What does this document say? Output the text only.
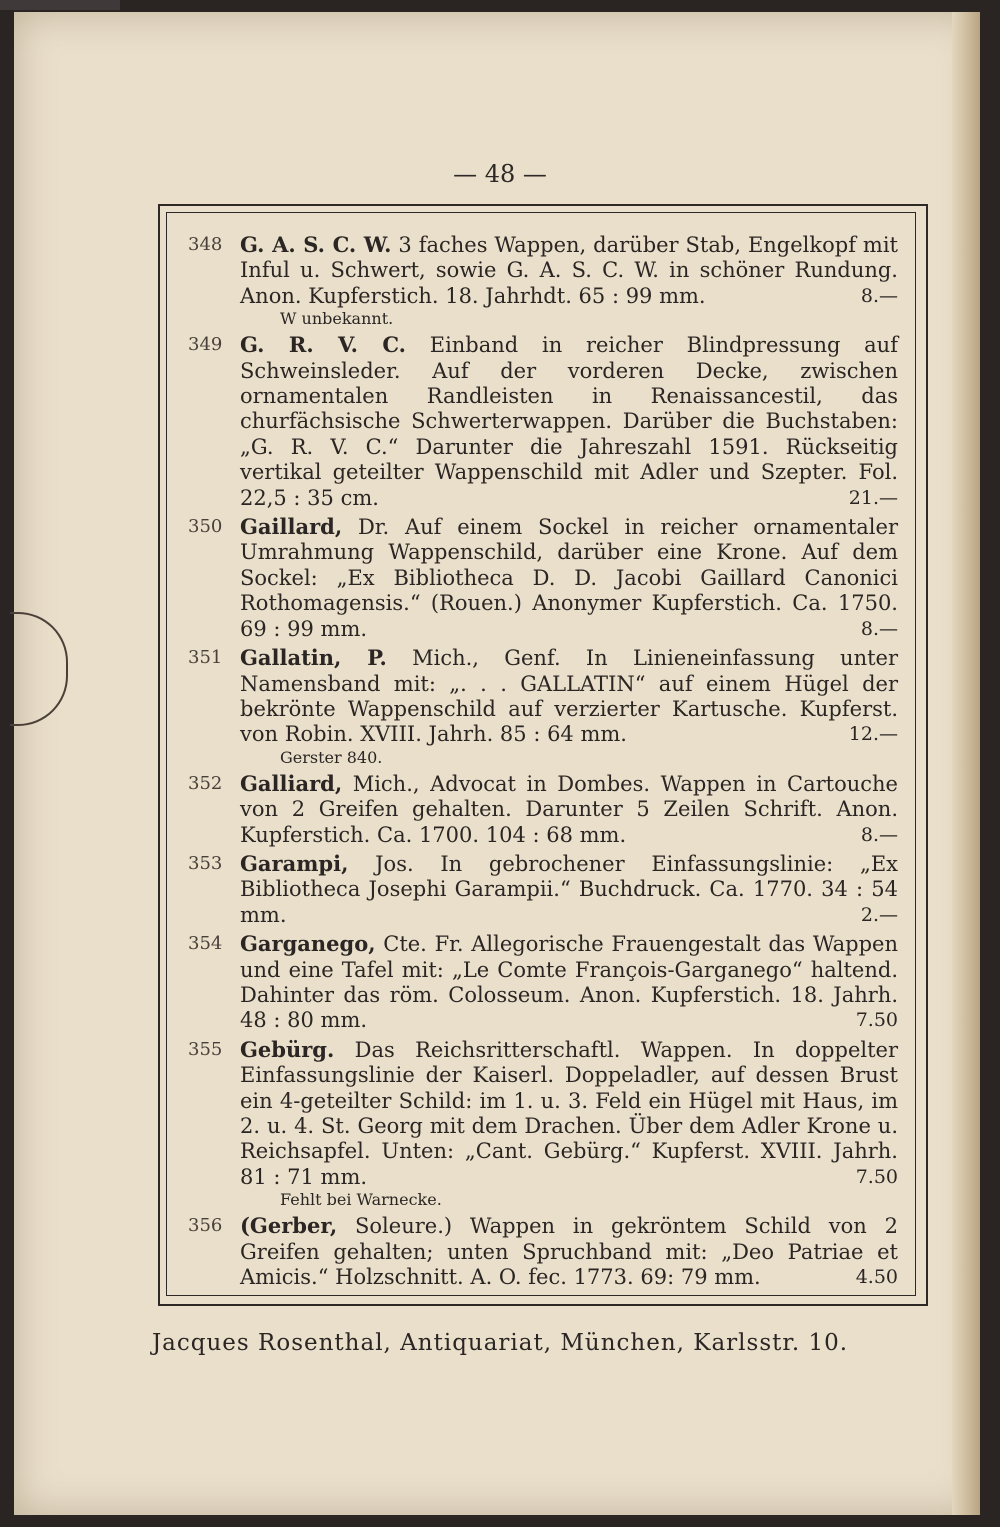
— 48 —
348 G. A. S. C. W. 3 faches Wappen, darüber Stab, Engelkopf mit Inful u. Schwert, sowie G. A. S. C. W. in schöner Rundung. Anon. Kupferstich. 18. Jahrhdt. 65 : 99 mm.	8.—
W unbekannt.
349 G. R. V. C. Einband in reicher Blindpressung auf Schweinsleder. Auf der vorderen Decke, zwischen ornamentalen Randleisten in Renaissancestil, das churfächsische Schwerterwappen. Darüber die Buchstaben: „G. R. V. C.“ Darunter die Jahreszahl 1591. Rückseitig vertikal geteilter Wappenschild mit Adler und Szepter. Fol. 22,5 : 35 cm.	21.—
350 Gaillard, Dr. Auf einem Sockel in reicher ornamentaler Umrahmung Wappenschild, darüber eine Krone. Auf dem Sockel: „Ex Bibliotheca D. D. Jacobi Gaillard Canonici Rothomagensis.“ (Rouen.) Anonymer Kupferstich. Ca. 1750. 69 : 99 mm.	8.—
351 Gallatin, P. Mich., Genf. In Linieneinfassung unter Namensband mit: „. . . GALLATIN“ auf einem Hügel der bekrönte Wappenschild auf verzierter Kartusche. Kupferst. von Robin. XVIII. Jahrh. 85 : 64 mm.	12.—
Gerster 840.
352 Galliard, Mich., Advocat in Dombes. Wappen in Cartouche von 2 Greifen gehalten. Darunter 5 Zeilen Schrift. Anon. Kupferstich. Ca. 1700. 104 : 68 mm.	8.—
353 Garampi, Jos. In gebrochener Einfassungslinie: „Ex Bibliotheca Josephi Garampii.“ Buchdruck. Ca. 1770. 34 : 54 mm.	2.—
354 Garganego, Cte. Fr. Allegorische Frauengestalt das Wappen und eine Tafel mit: „Le Comte François-Garganego“ haltend. Dahinter das röm. Colosseum. Anon. Kupferstich. 18. Jahrh. 48 : 80 mm.	7.50
355 Gebürg. Das Reichsritterschaftl. Wappen. In doppelter Einfassungslinie der Kaiserl. Doppeladler, auf dessen Brust ein 4-geteilter Schild: im 1. u. 3. Feld ein Hügel mit Haus, im 2. u. 4. St. Georg mit dem Drachen. Über dem Adler Krone u. Reichsapfel. Unten: „Cant. Gebürg.“ Kupferst. XVIII. Jahrh. 81 : 71 mm.	7.50
Fehlt bei Warnecke.
356 (Gerber, Soleure.) Wappen in gekröntem Schild von 2 Greifen gehalten; unten Spruchband mit: „Deo Patriae et Amicis.“ Holzschnitt. A. O. fec. 1773. 69: 79 mm.	4.50
Jacques Rosenthal, Antiquariat, München, Karlsstr. 10.
